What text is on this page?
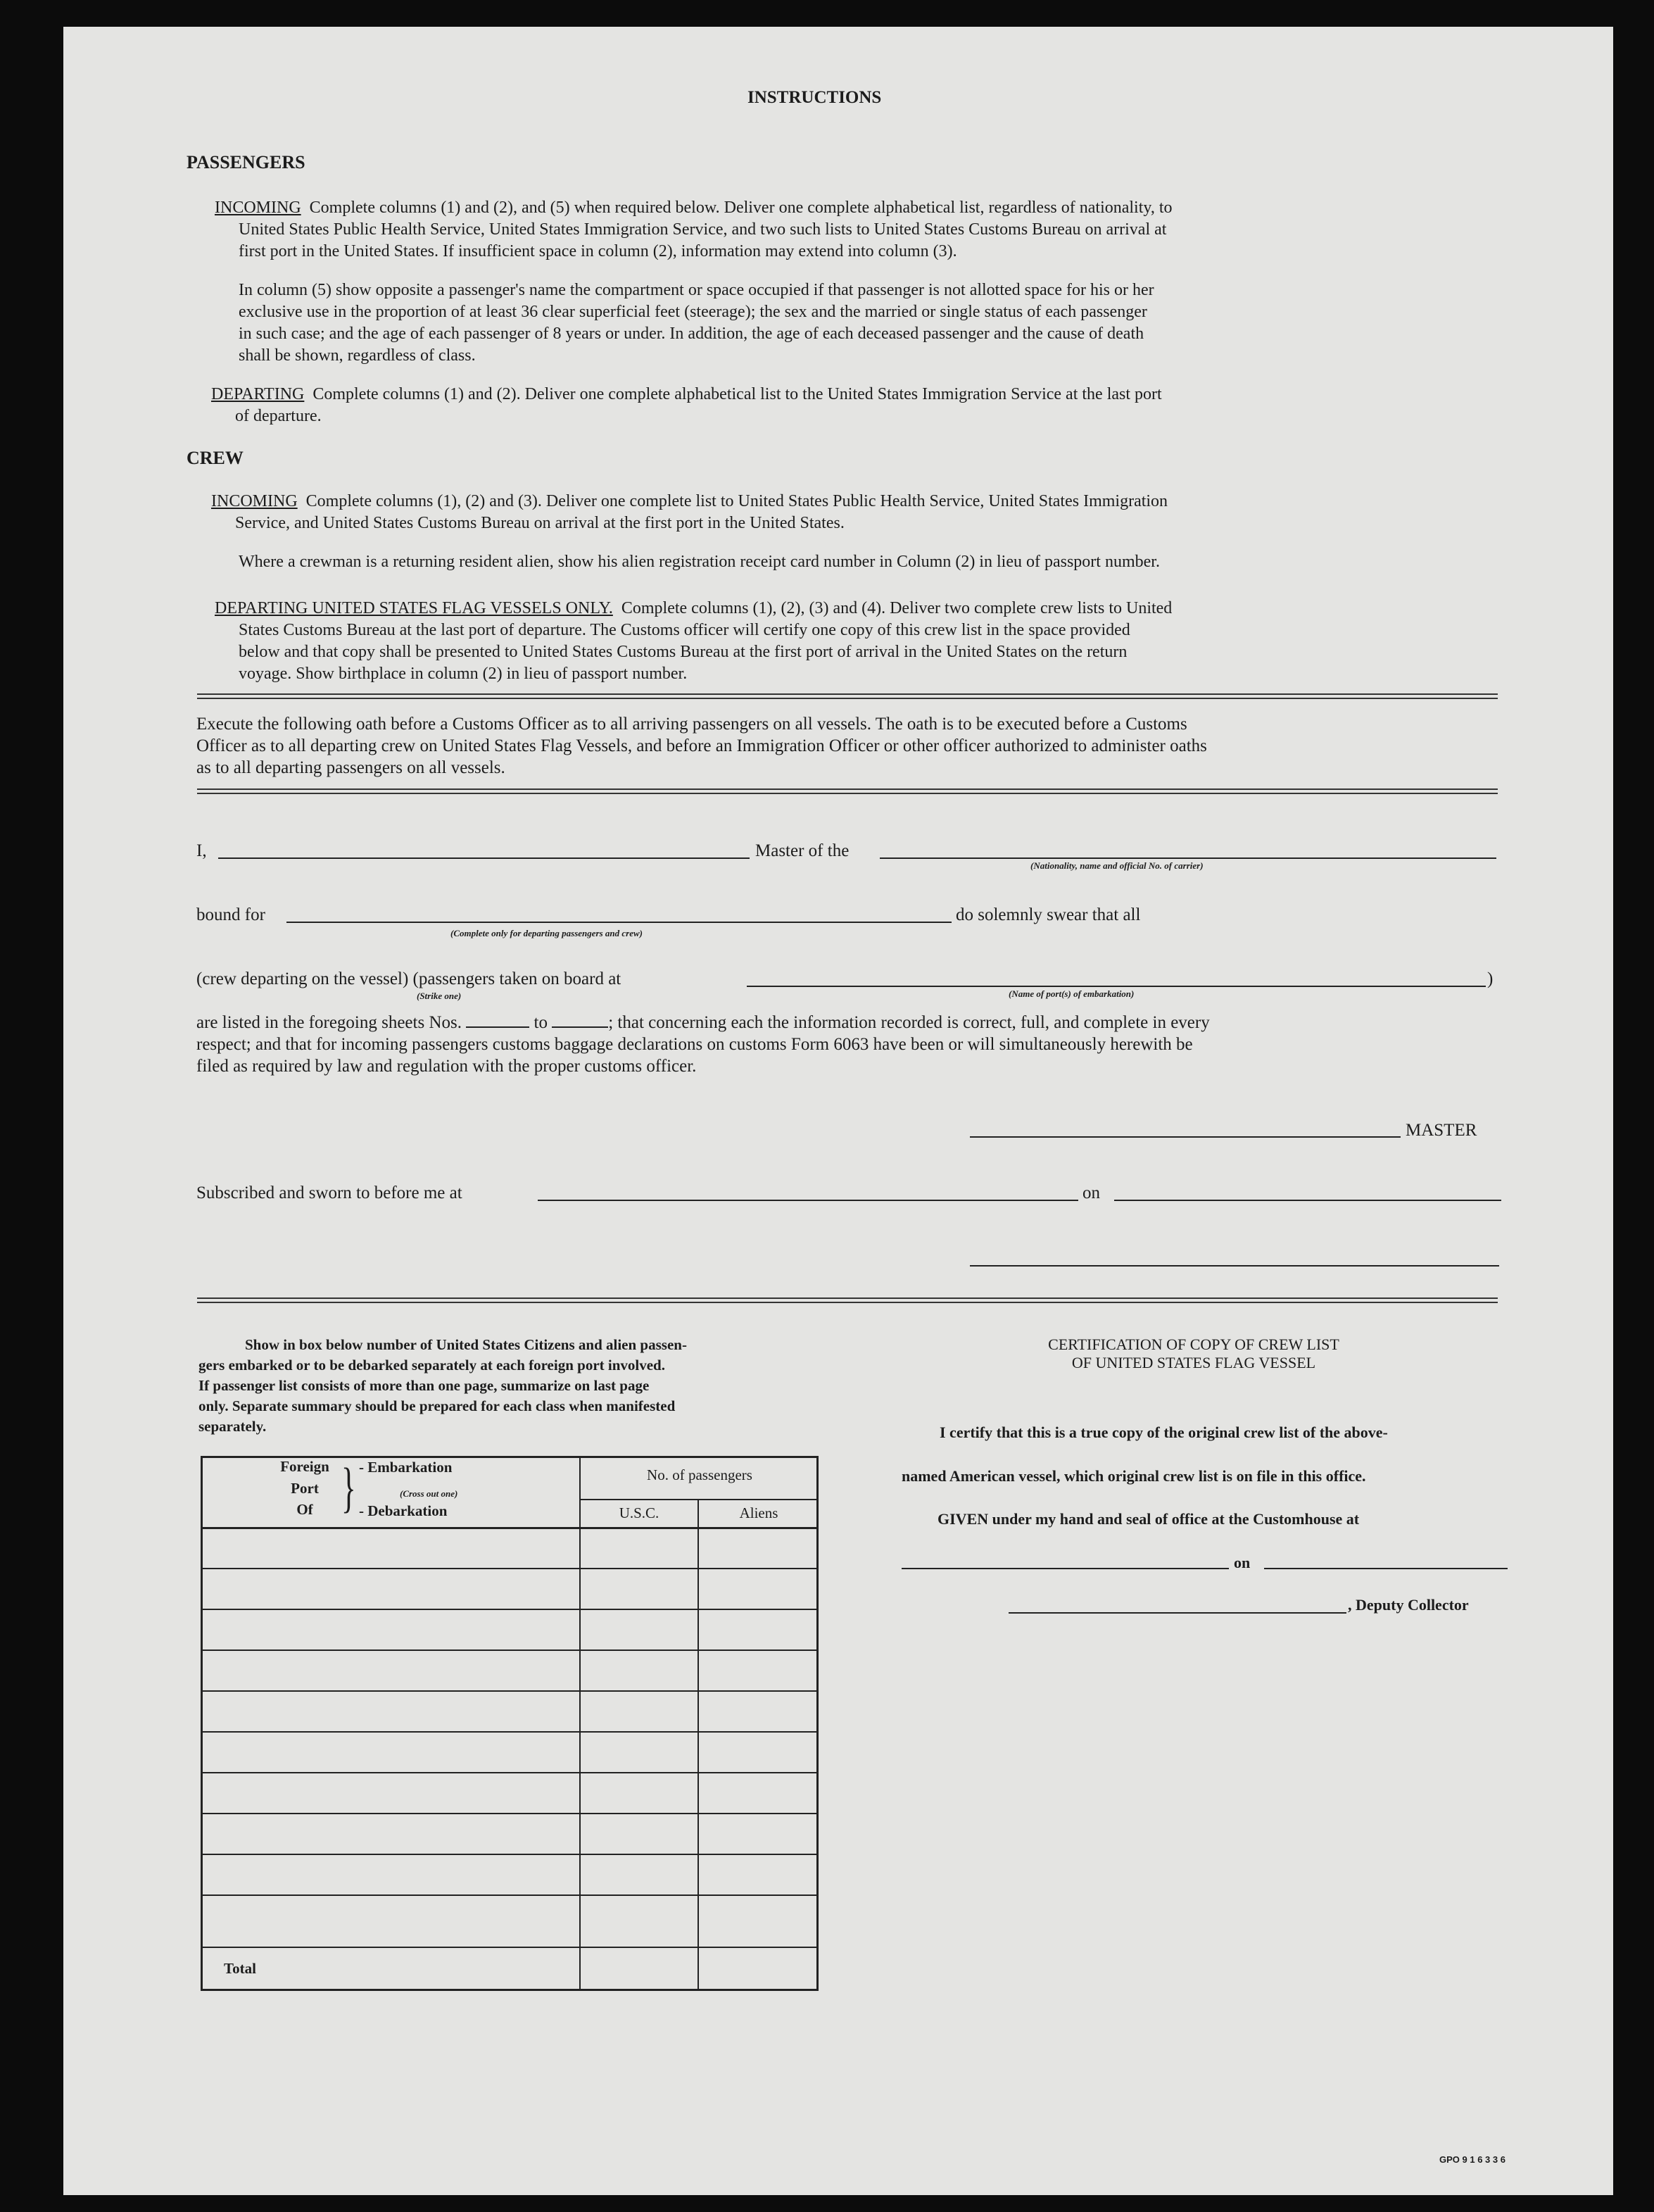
INSTRUCTIONS
PASSENGERS
INCOMING Complete columns (1) and (2), and (5) when required below. Deliver one complete alphabetical list, regardless of nationality, to
United States Public Health Service, United States Immigration Service, and two such lists to United States Customs Bureau on arrival at
first port in the United States. If insufficient space in column (2), information may extend into column (3).
In column (5) show opposite a passenger's name the compartment or space occupied if that passenger is not allotted space for his or her
exclusive use in the proportion of at least 36 clear superficial feet (steerage); the sex and the married or single status of each passenger
in such case; and the age of each passenger of 8 years or under. In addition, the age of each deceased passenger and the cause of death
shall be shown, regardless of class.
DEPARTING Complete columns (1) and (2). Deliver one complete alphabetical list to the United States Immigration Service at the last port
of departure.
CREW
INCOMING Complete columns (1), (2) and (3). Deliver one complete list to United States Public Health Service, United States Immigration
Service, and United States Customs Bureau on arrival at the first port in the United States.
Where a crewman is a returning resident alien, show his alien registration receipt card number in Column (2) in lieu of passport number.
DEPARTING UNITED STATES FLAG VESSELS ONLY. Complete columns (1), (2), (3) and (4). Deliver two complete crew lists to United
States Customs Bureau at the last port of departure. The Customs officer will certify one copy of this crew list in the space provided
below and that copy shall be presented to United States Customs Bureau at the first port of arrival in the United States on the return
voyage. Show birthplace in column (2) in lieu of passport number.
Execute the following oath before a Customs Officer as to all arriving passengers on all vessels. The oath is to be executed before a Customs
Officer as to all departing crew on United States Flag Vessels, and before an Immigration Officer or other officer authorized to administer oaths
as to all departing passengers on all vessels.
I,	Master of the
(Nationality, name and official No. of carrier)
bound for	do solemnly swear that all
(Complete only for departing passengers and crew)
(crew departing on the vessel) (passengers taken on board at	)
(Strike one)	(Name of port(s) of embarkation)
are listed in the foregoing sheets Nos.	to	; that concerning each the information recorded is correct, full, and complete in every
respect; and that for incoming passengers customs baggage declarations on customs Form 6063 have been or will simultaneously herewith be
filed as required by law and regulation with the proper customs officer.
MASTER
Subscribed and sworn to before me at	on
Show in box below number of United States Citizens and alien passen-
gers embarked or to be debarked separately at each foreign port involved.
If passenger list consists of more than one page, summarize on last page
only. Separate summary should be prepared for each class when manifested
separately.
Foreign
Port
Of } - Embarkation
(Cross out one)
- Debarkation
No. of passengers
U.S.C.	Aliens
Total
CERTIFICATION OF COPY OF CREW LIST
OF UNITED STATES FLAG VESSEL
I certify that this is a true copy of the original crew list of the above-
named American vessel, which original crew list is on file in this office.
GIVEN under my hand and seal of office at the Customhouse at
on
, Deputy Collector
GPO 9 1 6 3 3 6
